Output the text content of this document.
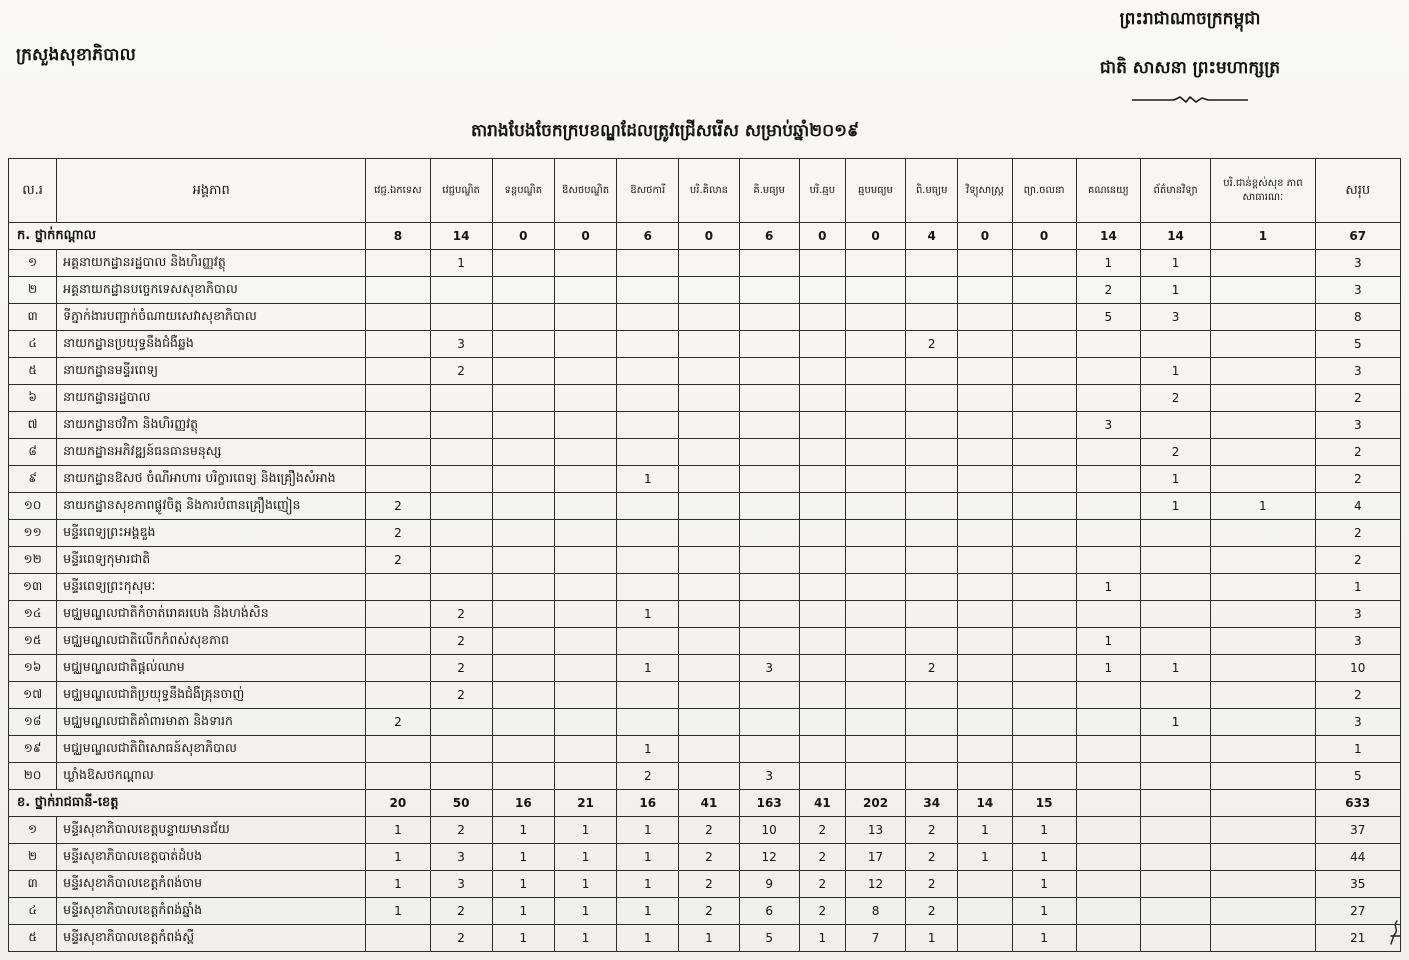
ក្រសួងសុខាភិបាល
ព្រះរាជាណាចក្រកម្ពុជា
ជាតិ សាសនា ព្រះមហាក្សត្រ
តារាងបែងចែកក្របខណ្ឌដែលត្រូវជ្រើសរើស សម្រាប់ឆ្នាំ២០១៩
ល.រ	អង្គភាព	វេជ្ជ.ឯកទេស	វេជ្ជបណ្ឌិត	ទន្តបណ្ឌិត	ឱសថបណ្ឌិត	ឱសថការី	បរិ.គិលាន	គិ.មធ្យម	បរិ.ឆ្មប	ឆ្មបមធ្យម	ពិ.មធ្យម	វិទ្យុសាស្ត្រ	ព្យា.ចលនា	គណនេយ្យ	ព័ត៌មានវិទ្យា	បរិ.ជាន់ខ្ពស់សុខ ភាពសាធារណៈ	សរុប
ក. ថ្នាក់កណ្តាល		8	14	0	0	6	0	6	0	0	4	0	0	14	14	1	67
១	អគ្គនាយកដ្ឋានរដ្ឋបាល និងហិរញ្ញវត្ថុ		1											1	1		3
២	អគ្គនាយកដ្ឋានបច្ចេកទេសសុខាភិបាល													2	1		3
៣	ទីភ្នាក់ងារបញ្ជាក់ចំណាយសេវាសុខាភិបាល													5	3		8
៤	នាយកដ្ឋានប្រយុទ្ធនឹងជំងឺឆ្លង		3								2						5
៥	នាយកដ្ឋានមន្ទីរពេទ្យ		2												1		3
៦	នាយកដ្ឋានរដ្ឋបាល														2		2
៧	នាយកដ្ឋានថវិកា និងហិរញ្ញវត្ថុ													3			3
៨	នាយកដ្ឋានអភិវឌ្ឍន៍ធនធានមនុស្ស														2		2
៩	នាយកដ្ឋានឱសថ ចំណីអាហារ បរិក្ខារពេទ្យ និងគ្រឿងសំអាង					1									1		2
១០	នាយកដ្ឋានសុខភាពផ្លូវចិត្ត និងការបំពានគ្រឿងញៀន	2													1	1	4
១១	មន្ទីរពេទ្យព្រះអង្គឌួង	2															2
១២	មន្ទីរពេទ្យកុមារជាតិ	2															2
១៣	មន្ទីរពេទ្យព្រះកុសុមៈ													1			1
១៤	មជ្ឈមណ្ឌលជាតិកំចាត់រោគរបេង និងហង់សិន		2			1											3
១៥	មជ្ឈមណ្ឌលជាតិលើកកំពស់សុខភាព		2											1			3
១៦	មជ្ឈមណ្ឌលជាតិផ្តល់ឈាម		2			1		3			2			1	1		10
១៧	មជ្ឈមណ្ឌលជាតិប្រយុទ្ធនឹងជំងឺគ្រុនចាញ់		2														2
១៨	មជ្ឈមណ្ឌលជាតិគាំពារមាតា និងទារក	2													1		3
១៩	មជ្ឈមណ្ឌលជាតិពិសោធន៍សុខាភិបាល					1											1
២០	ឃ្លាំងឱសថកណ្តាល					2		3									5
ខ. ថ្នាក់រាជធានី-ខេត្ត		20	50	16	21	16	41	163	41	202	34	14	15				633
១	មន្ទីរសុខាភិបាលខេត្តបន្ទាយមានជ័យ	1	2	1	1	1	2	10	2	13	2	1	1				37
២	មន្ទីរសុខាភិបាលខេត្តបាត់ដំបង	1	3	1	1	1	2	12	2	17	2	1	1				44
៣	មន្ទីរសុខាភិបាលខេត្តកំពង់ចាម	1	3	1	1	1	2	9	2	12	2		1				35
៤	មន្ទីរសុខាភិបាលខេត្តកំពង់ឆ្នាំង	1	2	1	1	1	2	6	2	8	2		1				27
៥	មន្ទីរសុខាភិបាលខេត្តកំពង់ស្ពឺ		2	1	1	1	1	5	1	7	1		1				21
